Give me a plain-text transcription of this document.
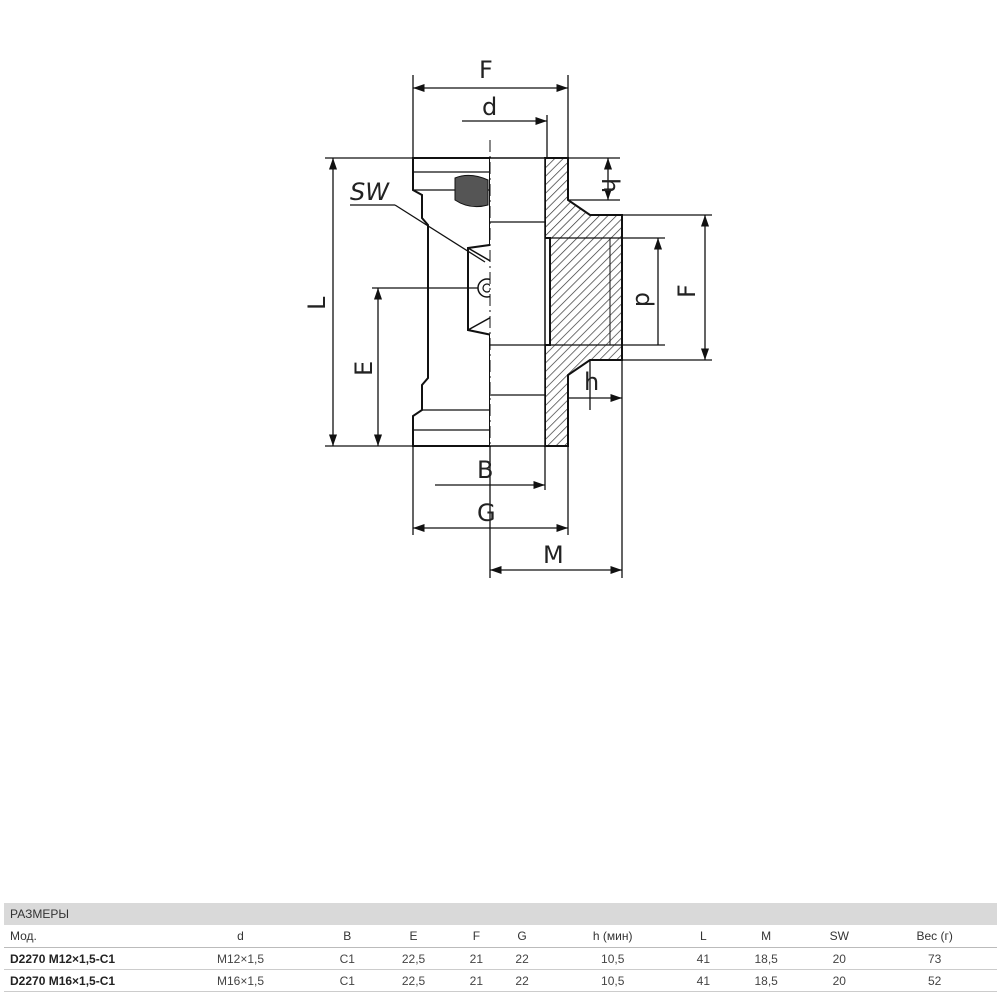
F
d
h
SW
L
E
d
F
h
B
G
M
РАЗМЕРЫ
Мод.	d	B	E	F	G	h (мин)	L	M	SW	Вес (г)
D2270 M12×1,5-C1	M12×1,5	C1	22,5	21	22	10,5	41	18,5	20	73
D2270 M16×1,5-C1	M16×1,5	C1	22,5	21	22	10,5	41	18,5	20	52
